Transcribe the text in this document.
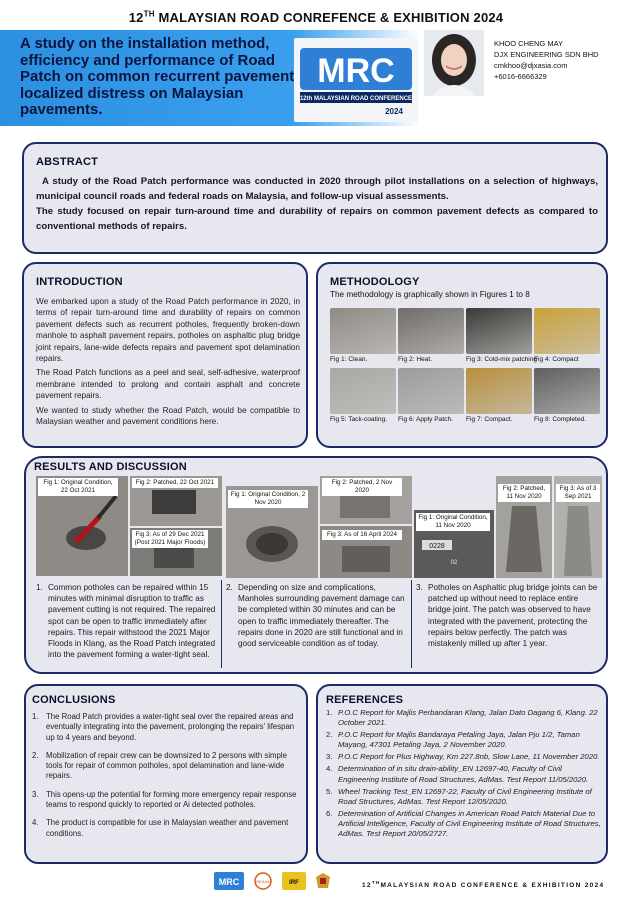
12TH MALAYSIAN ROAD CONREFENCE & EXHIBITION 2024
A study on the installation method, efficiency and performance of Road Patch on common recurrent pavement localized distress on Malaysian pavements.
MRC
12th MALAYSIAN ROAD CONFERENCE
2024
KHOO CHENG MAY
DJX ENGINEERING SDN BHD
cmkhoo@djxasia.com
+6016-6666329
ABSTRACT

A study of the Road Patch performance was conducted in 2020 through pilot installations on a selection of highways, municipal council roads and federal roads on Malaysia, and follow-up visual assessments.

The study focused on repair turn-around time and durability of repairs on common pavement defects as compared to conventional methods of repairs.

INTRODUCTION

We embarked upon a study of the Road Patch performance in 2020, in terms of repair turn-around time and durability of repairs on common pavement defects such as recurrent potholes, frequently broken-down manhole to asphalt pavement repairs, potholes on asphaltic plug bridge joint repairs, lane-wide defects repairs and pavement spot delamination repairs.

The Road Patch functions as a peel and seal, self-adhesive, waterproof membrane intended to prolong and contain asphalt and concrete pavement repairs.

We wanted to study whether the Road Patch, would be compatible to Malaysian weather and pavement conditions here.

METHODOLOGY
The methodology is graphically shown in Figures 1 to 8
Fig 1: Clean.	Fig 2: Heat.	Fig 3: Cold-mix patching
Fig 4: Compact
Fig 5: Tack-coating. Fig 6: Apply Patch. Fig 7: Compact.	Fig 8: Completed.
RESULTS AND DISCUSSION
Fig 1: Original Condition, 22 Oct 2021
Fig 2: Patched, 22 Oct 2021
Fig 3: As of 29 Dec 2021 (Post 2021 Major Floods)
Fig 1: Original Condition, 2 Nov 2020
Fig 2: Patched, 2 Nov 2020
Fig 3: As of 16 April 2024
0228
02
Fig 1: Original Condition, 11 Nov 2020
Fig 2: Patched, 11 Nov 2020
Fig 3: As of 3 Sep 2021
1. Common potholes can be repaired within 15 minutes with minimal disruption to traffic as pavement cutting is not required. The repaired spot can be open to traffic immediately after repairs. This repair withstood the 2021 Major Floods in Klang, as the Road Patch integrated into the pavement forming a water-tight seal.
2. Depending on size and complications, Manholes surrounding pavement damage can be completed within 30 minutes and can be open to traffic immediately thereafter. The repairs done in 2020 are still functional and in good serviceable condition as of today.
3. Potholes on Asphaltic plug bridge joints can be patched up without need to replace entire bridge joint. The patch was observed to have integrated with the pavement, protecting the repairs below perfectly. The patch was mistakenly milled up after 1 year.
CONCLUSIONS
1. The Road Patch provides a water-tight seal over the repaired areas and eventually integrating into the pavement, prolonging the repairs' lifespan up to 4 years and beyond.
2. Mobilization of repair crew can be downsized to 2 persons with simple tools for repair of common potholes, spot delamination and lane-wide repairs.
3. This opens-up the potential for forming more emergency repair response teams to respond quickly to reported or Ai detected potholes.
4. The product is compatible for use in Malaysian weather and pavement conditions.
REFERENCES
1. P.O.C Report for Majlis Perbandaran Klang, Jalan Dato Dagang 6, Klang. 22 October 2021.
2. P.O.C Report for Majlis Bandaraya Petaling Jaya, Jalan Pju 1/2, Taman Mayang, 47301 Petaling Jaya, 2 November 2020.
3. P.O.C Report for Plus Highway, Km 227.8nb, Slow Lane, 11 November 2020.
4. Determination of in situ drain-ability_EN 12697-40, Faculty of Civil Engineering Institute of Road Structures, AdMas. Test Report 11/05/2020.
5. Wheel Tracking Test_EN 12697-22, Faculty of Civil Engineering Institute of Road Structures, AdMas. Test Report 12/05/2020.
6. Determination of Artificial Changes in American Road Patch Material Due to Artificial Intelligence, Faculty of Civil Engineering Institute of Road Structures, AdMas. Test Report 20/05/2727.
MRC	REAAA	IRF	12THMALAYSIAN ROAD CONFERENCE & EXHIBITION 2024
